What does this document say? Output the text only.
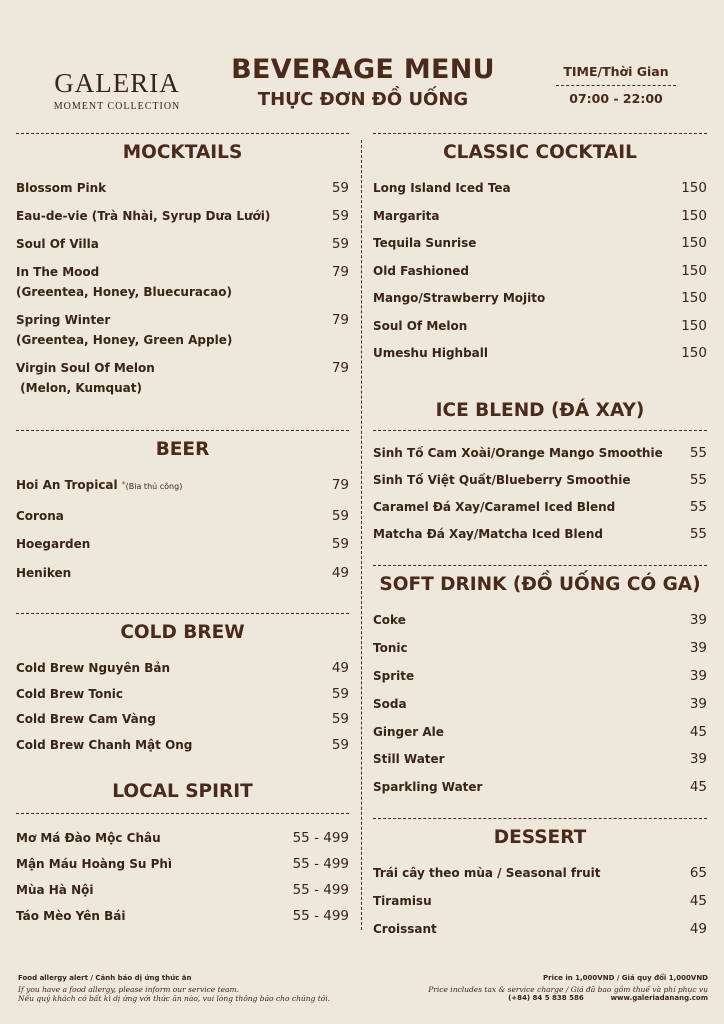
GALERIA
MOMENT COLLECTION
BEVERAGE MENU
THỰC ĐƠN ĐỒ UỐNG
TIME/Thời Gian
07:00 - 22:00
MOCKTAILS
Blossom Pink	59
Eau-de-vie (Trà Nhài, Syrup Dưa Lưới)	59
Soul Of Villa	59
In The Mood
(Greentea, Honey, Bluecuracao)
79
Spring Winter
(Greentea, Honey, Green Apple)
79
Virgin Soul Of Melon
(Melon, Kumquat)
79
BEER
Hoi An Tropical *(Bia thủ công)	79
Corona	59
Hoegarden	59
Heniken	49
COLD BREW
Cold Brew Nguyên Bản	49
Cold Brew Tonic	59
Cold Brew Cam Vàng	59
Cold Brew Chanh Mật Ong	59
LOCAL SPIRIT
Mơ Má Đào Mộc Châu	55 - 499
Mận Máu Hoàng Su Phì	55 - 499
Mùa Hà Nội	55 - 499
Táo Mèo Yên Bái	55 - 499
CLASSIC COCKTAIL
Long Island Iced Tea	150
Margarita	150
Tequila Sunrise	150
Old Fashioned	150
Mango/Strawberry Mojito	150
Soul Of Melon	150
Umeshu Highball	150
ICE BLEND (ĐÁ XAY)
Sinh Tố Cam Xoài/Orange Mango Smoothie 55
Sinh Tố Việt Quất/Blueberry Smoothie	55
Caramel Đá Xay/Caramel Iced Blend	55
Matcha Đá Xay/Matcha Iced Blend	55
SOFT DRINK (ĐỒ UỐNG CÓ GA)
Coke	39
Tonic	39
Sprite	39
Soda	39
Ginger Ale	45
Still Water	39
Sparkling Water	45
DESSERT
Trái cây theo mùa / Seasonal fruit	65
Tiramisu	45
Croissant	49
Food allergy alert / Cảnh báo dị ứng thức ăn
If you have a food allergy, please inform our service team.
Nếu quý khách có bất kì dị ứng với thức ăn nào, vui lòng thông báo cho chúng tôi.
Price in 1,000VND / Giá quy đổi 1,000VND
Price includes tax & service charge / Giá đã bao gồm thuế và phí phục vụ
(+84) 84 5 838 586	www.galeriadanang.com
